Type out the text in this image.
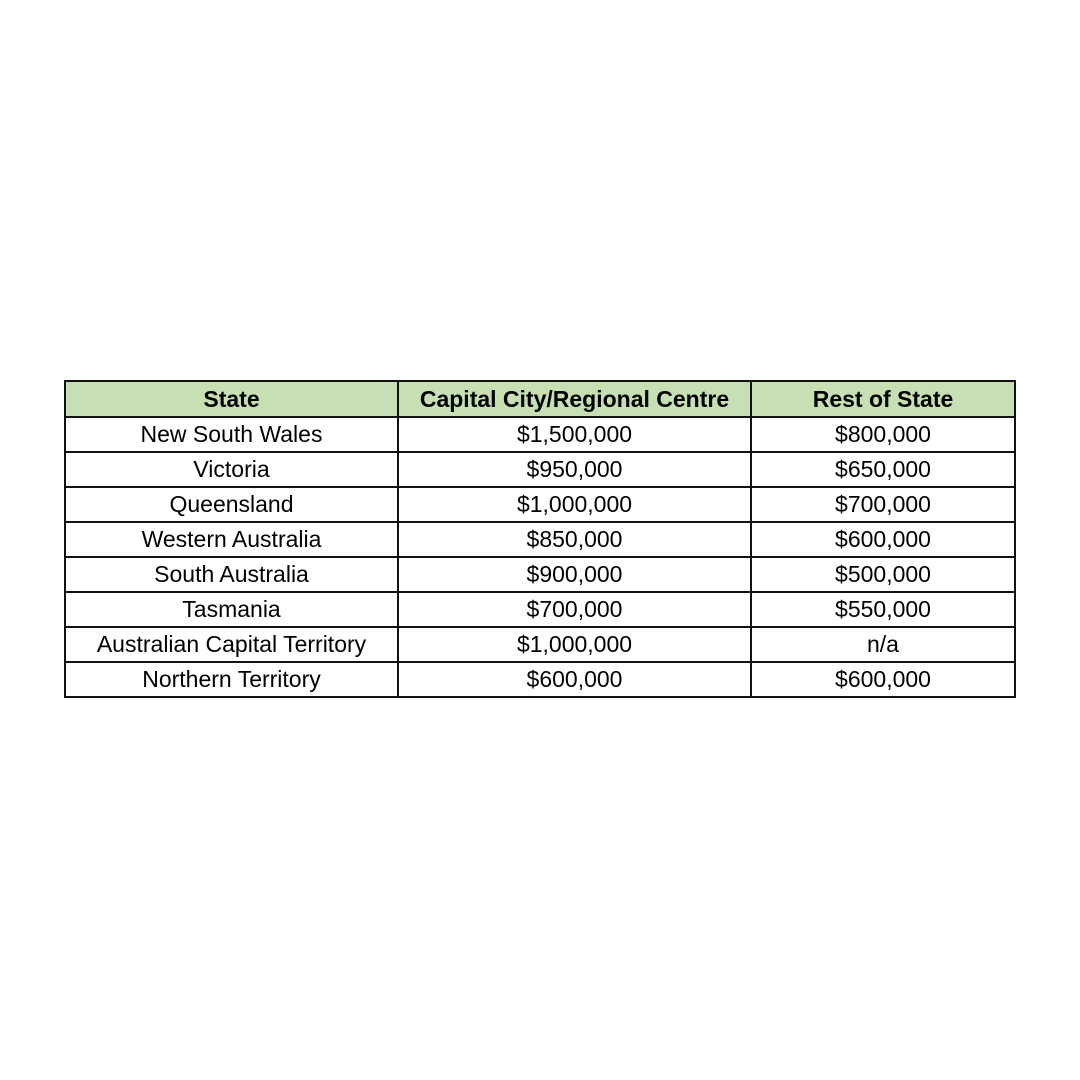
State	Capital City/Regional Centre	Rest of State
New South Wales	$1,500,000	$800,000
Victoria	$950,000	$650,000
Queensland	$1,000,000	$700,000
Western Australia	$850,000	$600,000
South Australia	$900,000	$500,000
Tasmania	$700,000	$550,000
Australian Capital Territory	$1,000,000	n/a
Northern Territory	$600,000	$600,000
